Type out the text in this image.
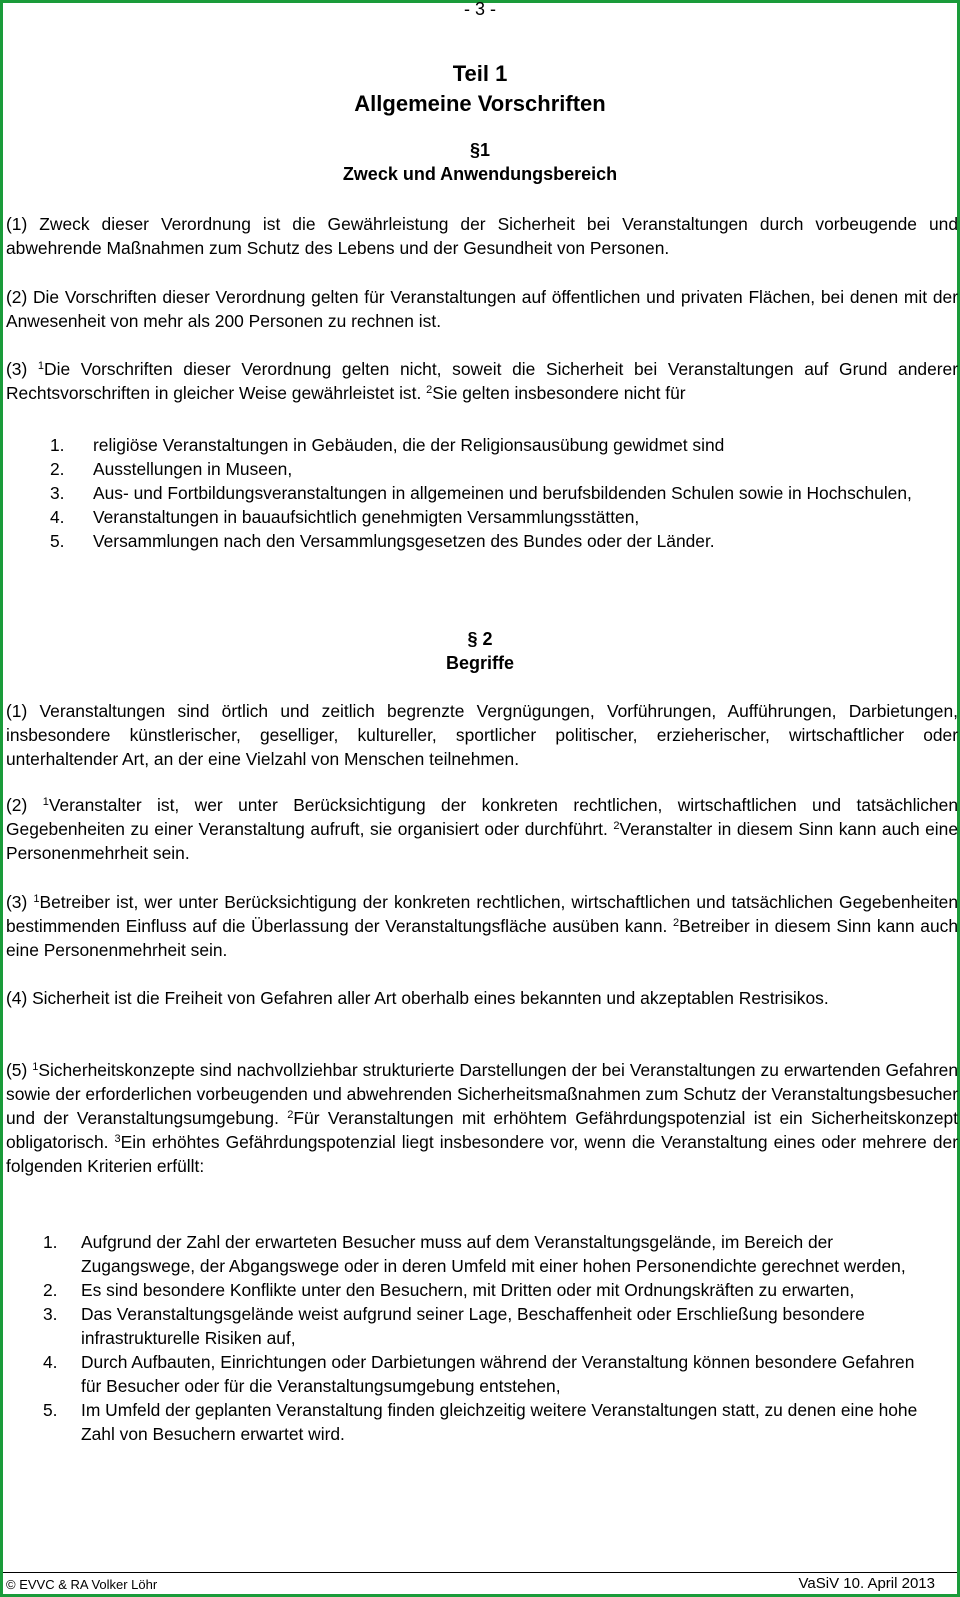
- 3 -
Teil 1
Allgemeine Vorschriften
§1
Zweck und Anwendungsbereich

(1) Zweck dieser Verordnung ist die Gewährleistung der Sicherheit bei Veranstaltungen durch vorbeugende und abwehrende Maßnahmen zum Schutz des Lebens und der Gesundheit von Personen.

(2) Die Vorschriften dieser Verordnung gelten für Veranstaltungen auf öffentlichen und privaten Flächen, bei denen mit der Anwesenheit von mehr als 200 Personen zu rechnen ist.

(3) $^1$Die Vorschriften dieser Verordnung gelten nicht, soweit die Sicherheit bei Veranstaltungen auf Grund anderer Rechtsvorschriften in gleicher Weise gewährleistet ist. $^2$Sie gelten insbesondere nicht für

1. religiöse Veranstaltungen in Gebäuden, die der Religionsausübung gewidmet sind
2. Ausstellungen in Museen,
3. Aus- und Fortbildungsveranstaltungen in allgemeinen und berufsbildenden Schulen sowie in Hochschulen,
4. Veranstaltungen in bauaufsichtlich genehmigten Versammlungsstätten,
5. Versammlungen nach den Versammlungsgesetzen des Bundes oder der Länder.
§ 2
Begriffe

(1) Veranstaltungen sind örtlich und zeitlich begrenzte Vergnügungen, Vorführungen, Aufführungen, Darbietungen, insbesondere künstlerischer, geselliger, kultureller, sportlicher politischer, erzieherischer, wirtschaftlicher oder unterhaltender Art, an der eine Vielzahl von Menschen teilnehmen.

(2) $^1$Veranstalter ist, wer unter Berücksichtigung der konkreten rechtlichen, wirtschaftlichen und tatsächlichen Gegebenheiten zu einer Veranstaltung aufruft, sie organisiert oder durchführt. $^2$Veranstalter in diesem Sinn kann auch eine Personenmehrheit sein.

(3) $^1$Betreiber ist, wer unter Berücksichtigung der konkreten rechtlichen, wirtschaftlichen und tatsächlichen Gegebenheiten bestimmenden Einfluss auf die Überlassung der Veranstaltungsfläche ausüben kann. $^2$Betreiber in diesem Sinn kann auch eine Personenmehrheit sein.

(4) Sicherheit ist die Freiheit von Gefahren aller Art oberhalb eines bekannten und akzeptablen Restrisikos.

(5) $^1$Sicherheitskonzepte sind nachvollziehbar strukturierte Darstellungen der bei Veranstaltungen zu erwartenden Gefahren sowie der erforderlichen vorbeugenden und abwehrenden Sicherheitsmaßnahmen zum Schutz der Veranstaltungsbesucher und der Veranstaltungsumgebung. $^2$Für Veranstaltungen mit erhöhtem Gefährdungspotenzial ist ein Sicherheitskonzept obligatorisch. $^3$Ein erhöhtes Gefährdungspotenzial liegt insbesondere vor, wenn die Veranstaltung eines oder mehrere der folgenden Kriterien erfüllt:

1. Aufgrund der Zahl der erwarteten Besucher muss auf dem Veranstaltungsgelände, im Bereich der Zugangswege, der Abgangswege oder in deren Umfeld mit einer hohen Personendichte gerechnet werden,
2. Es sind besondere Konflikte unter den Besuchern, mit Dritten oder mit Ordnungskräften zu erwarten,
3. Das Veranstaltungsgelände weist aufgrund seiner Lage, Beschaffenheit oder Erschließung besondere infrastrukturelle Risiken auf,
4. Durch Aufbauten, Einrichtungen oder Darbietungen während der Veranstaltung können besondere Gefahren für Besucher oder für die Veranstaltungsumgebung entstehen,
5. Im Umfeld der geplanten Veranstaltung finden gleichzeitig weitere Veranstaltungen statt, zu denen eine hohe Zahl von Besuchern erwartet wird.
© EVVC & RA Volker Löhr	VaSiV 10. April 2013
